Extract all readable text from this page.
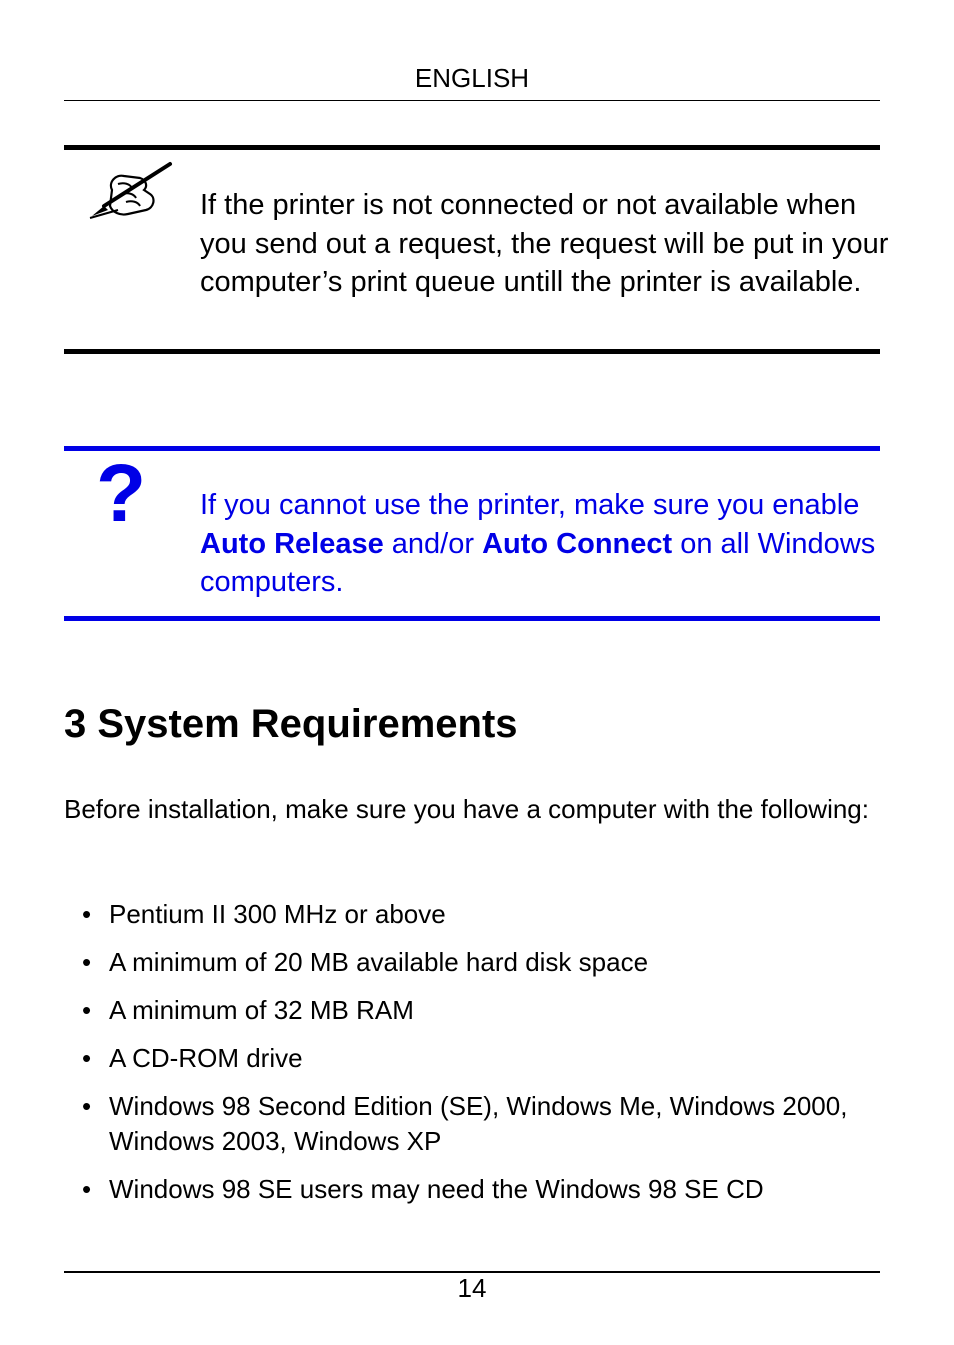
ENGLISH
If the printer is not connected or not available when you send out a request, the request will be put in your computer’s print queue untill the printer is available.
?	If you cannot use the printer, make sure you enable Auto Release and/or Auto Connect on all Windows computers.
3 System Requirements
Before installation, make sure you have a computer with the following:
• Pentium II 300 MHz or above
• A minimum of 20 MB available hard disk space
• A minimum of 32 MB RAM
• A CD-ROM drive
• Windows 98 Second Edition (SE), Windows Me, Windows 2000, Windows 2003, Windows XP
• Windows 98 SE users may need the Windows 98 SE CD
14
